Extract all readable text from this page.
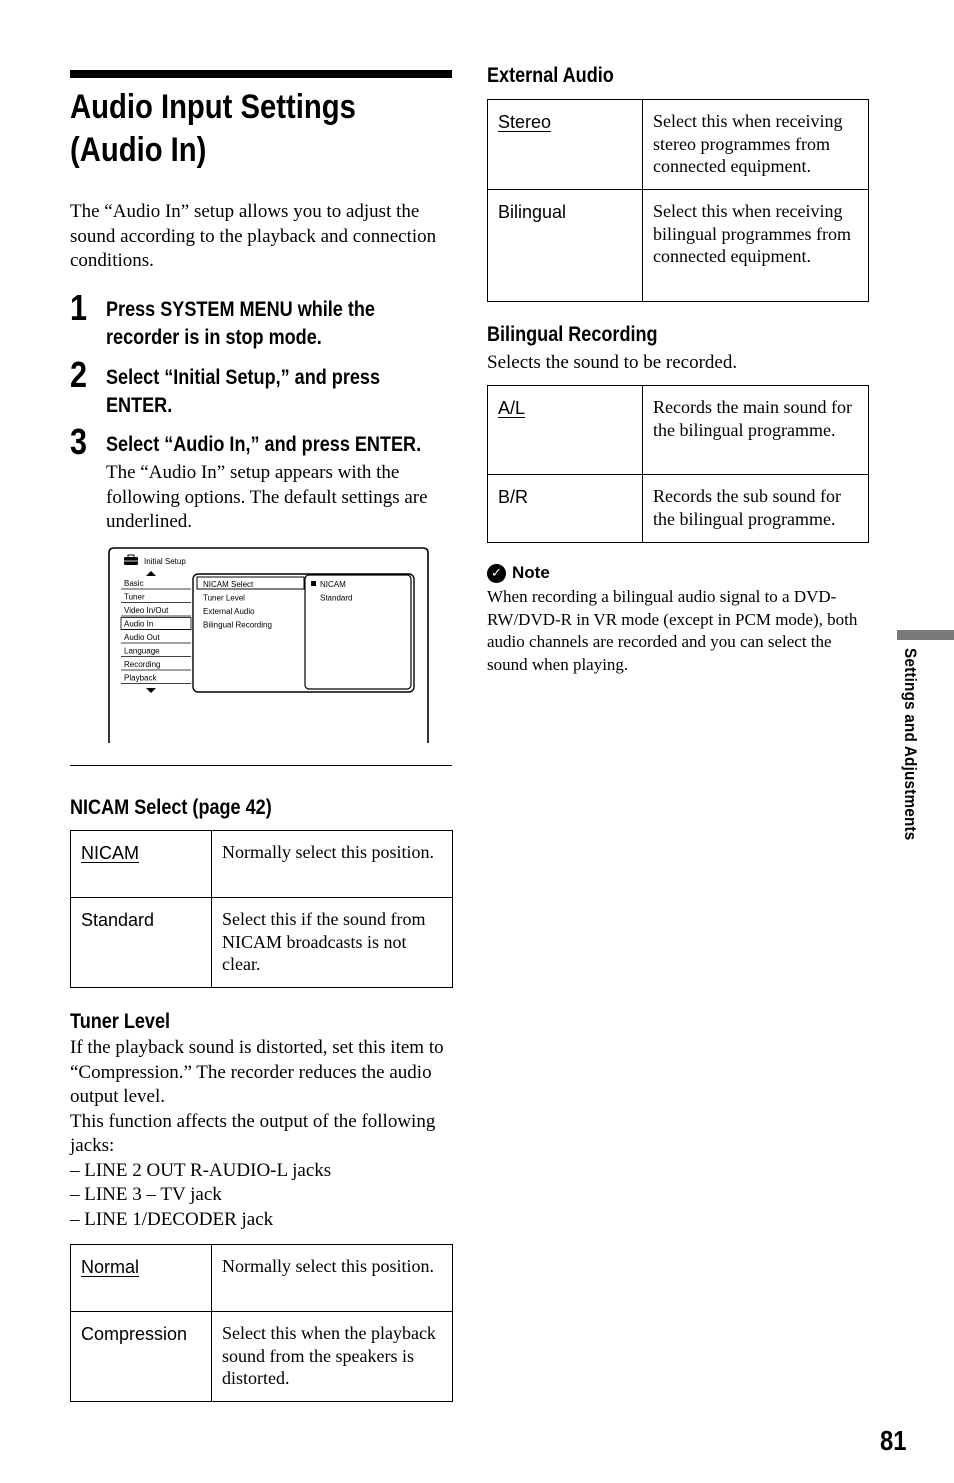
Audio Input Settings (Audio In)
The “Audio In” setup allows you to adjust the sound according to the playback and connection conditions.
1 Press SYSTEM MENU while the
recorder is in stop mode.
2 Select “Initial Setup,” and press
ENTER.
3 Select “Audio In,” and press ENTER.
The “Audio In” setup appears with the following options. The default settings are underlined.
Initial Setup
Basic
Tuner
Video In/Out
Audio In
Audio Out
Language
Recording
Playback
NICAM Select
Tuner Level
External Audio
Bilingual Recording
NICAM
Standard
NICAM Select (page 42)
NICAM	Normally select this position.
Standard	Select this if the sound from NICAM broadcasts is not clear.
Tuner Level
If the playback sound is distorted, set this item to “Compression.” The recorder reduces the audio output level.
This function affects the output of the following jacks:
– LINE 2 OUT R-AUDIO-L jacks
– LINE 3 – TV jack
– LINE 1/DECODER jack
Normal	Normally select this position.
Compression	Select this when the playback sound from the speakers is distorted.
External Audio
Stereo	Select this when receiving stereo programmes from connected equipment.
Bilingual	Select this when receiving bilingual programmes from connected equipment.
Bilingual Recording
Selects the sound to be recorded.
A/L	Records the main sound for the bilingual programme.
B/R	Records the sub sound for the bilingual programme.
✓ Note
When recording a bilingual audio signal to a DVD-RW/DVD-R in VR mode (except in PCM mode), both audio channels are recorded and you can select the sound when playing.	Settings and Adjustments
81
